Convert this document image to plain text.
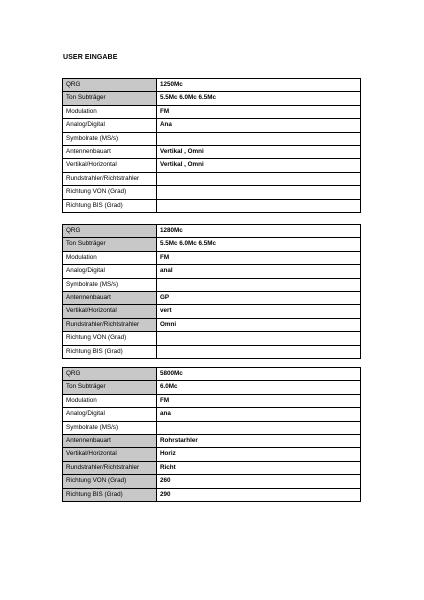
USER EINGABE
QRG	1250Mc
Ton Subträger	5.5Mc 6.0Mc 6.5Mc
Modulation	FM
Analog/Digital	Ana
Symbolrate (MS/s)	
Antennenbauart	Vertikal , Omni
Vertikal/Horizontal	Vertikal , Omni
Rundstrahler/Richtstrahler	
Richtung VON (Grad)	
Richtung BIS (Grad)	
QRG	1280Mc
Ton Subträger	5.5Mc 6.0Mc 6.5Mc
Modulation	FM
Analog/Digital	anal
Symbolrate (MS/s)	
Antennenbauart	GP
Vertikal/Horizontal	vert
Rundstrahler/Richtstrahler	Omni
Richtung VON (Grad)	
Richtung BIS (Grad)	
QRG	5800Mc
Ton Subträger	6.0Mc
Modulation	FM
Analog/Digital	ana
Symbolrate (MS/s)	
Antennenbauart	Rohrstarhler
Vertikal/Horizontal	Horiz
Rundstrahler/Richtstrahler	Richt
Richtung VON (Grad)	260
Richtung BIS (Grad)	290
